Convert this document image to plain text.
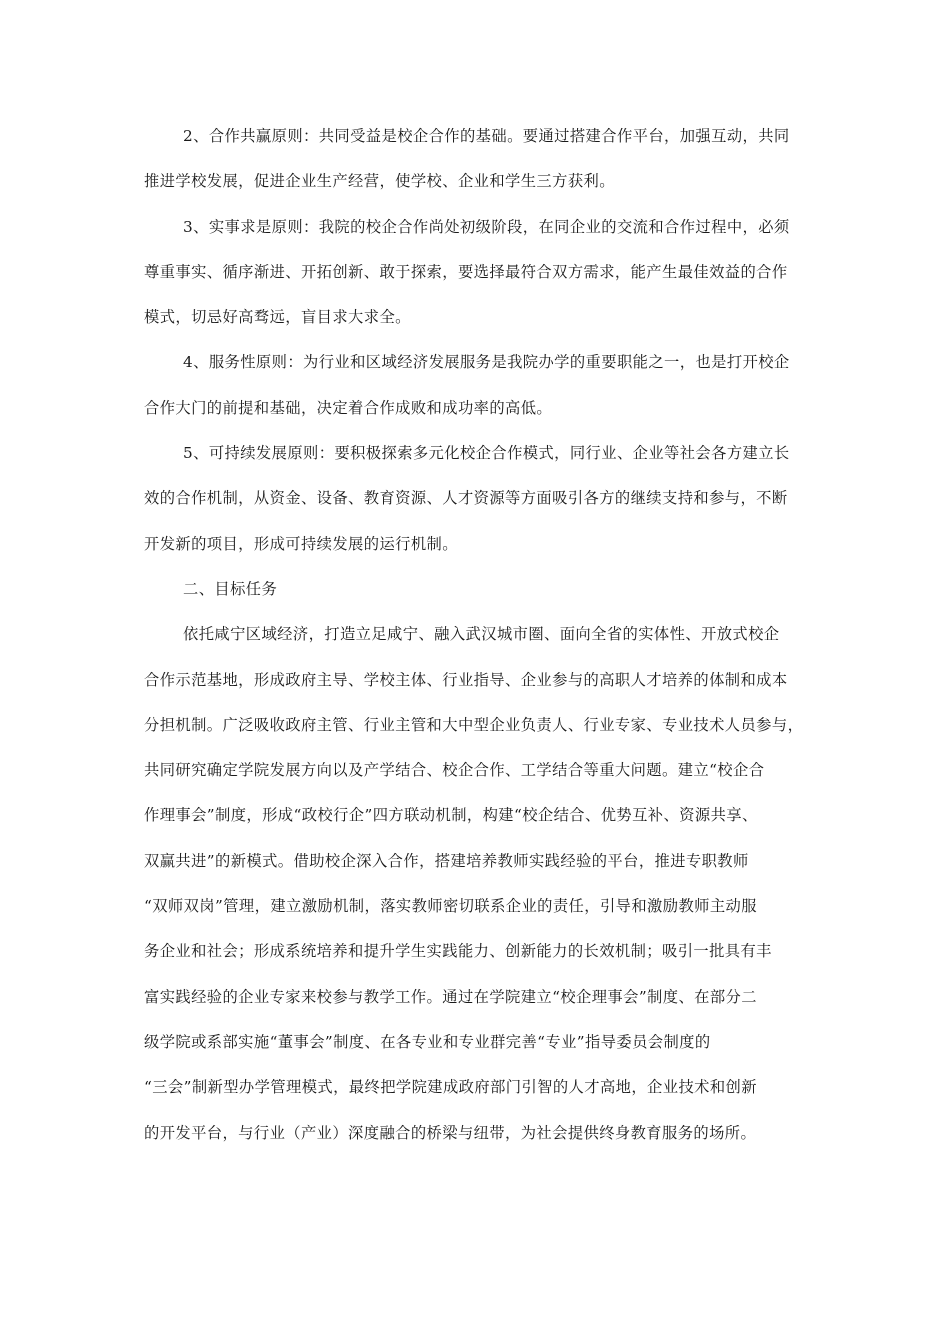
2、合作共赢原则：共同受益是校企合作的基础。要通过搭建合作平台，加强互动，共同
推进学校发展，促进企业生产经营，使学校、企业和学生三方获利。
3、实事求是原则：我院的校企合作尚处初级阶段，在同企业的交流和合作过程中，必须
尊重事实、循序渐进、开拓创新、敢于探索，要选择最符合双方需求，能产生最佳效益的合作
模式，切忌好高骛远，盲目求大求全。
4、服务性原则：为行业和区域经济发展服务是我院办学的重要职能之一，也是打开校企
合作大门的前提和基础，决定着合作成败和成功率的高低。
5、可持续发展原则：要积极探索多元化校企合作模式，同行业、企业等社会各方建立长
效的合作机制，从资金、设备、教育资源、人才资源等方面吸引各方的继续支持和参与，不断
开发新的项目，形成可持续发展的运行机制。
二、目标任务
依托咸宁区域经济，打造立足咸宁、融入武汉城市圈、面向全省的实体性、开放式校企
合作示范基地，形成政府主导、学校主体、行业指导、企业参与的高职人才培养的体制和成本
分担机制。广泛吸收政府主管、行业主管和大中型企业负责人、行业专家、专业技术人员参与，
共同研究确定学院发展方向以及产学结合、校企合作、工学结合等重大问题。建立“校企合
作理事会”制度，形成“政校行企”四方联动机制，构建“校企结合、优势互补、资源共享、
双赢共进”的新模式。借助校企深入合作，搭建培养教师实践经验的平台，推进专职教师
“双师双岗”管理，建立激励机制，落实教师密切联系企业的责任，引导和激励教师主动服
务企业和社会；形成系统培养和提升学生实践能力、创新能力的长效机制；吸引一批具有丰
富实践经验的企业专家来校参与教学工作。通过在学院建立“校企理事会”制度、在部分二
级学院或系部实施“董事会”制度、在各专业和专业群完善“专业”指导委员会制度的
“三会”制新型办学管理模式，最终把学院建成政府部门引智的人才高地，企业技术和创新
的开发平台，与行业（产业）深度融合的桥梁与纽带，为社会提供终身教育服务的场所。
